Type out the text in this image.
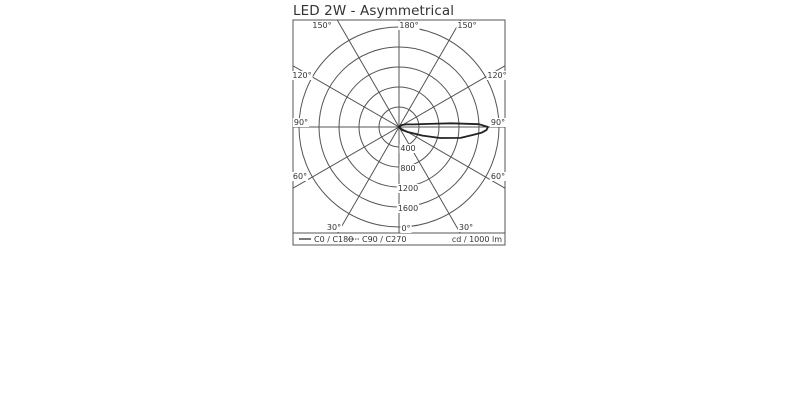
LED 2W - Asymmetrical
180°
0°
150°
120°
90°
60°
30°
150°
120°
90°
60°
30°
400
800
1200
1600
C0 / C180 C90 / C270	cd / 1000 lm
